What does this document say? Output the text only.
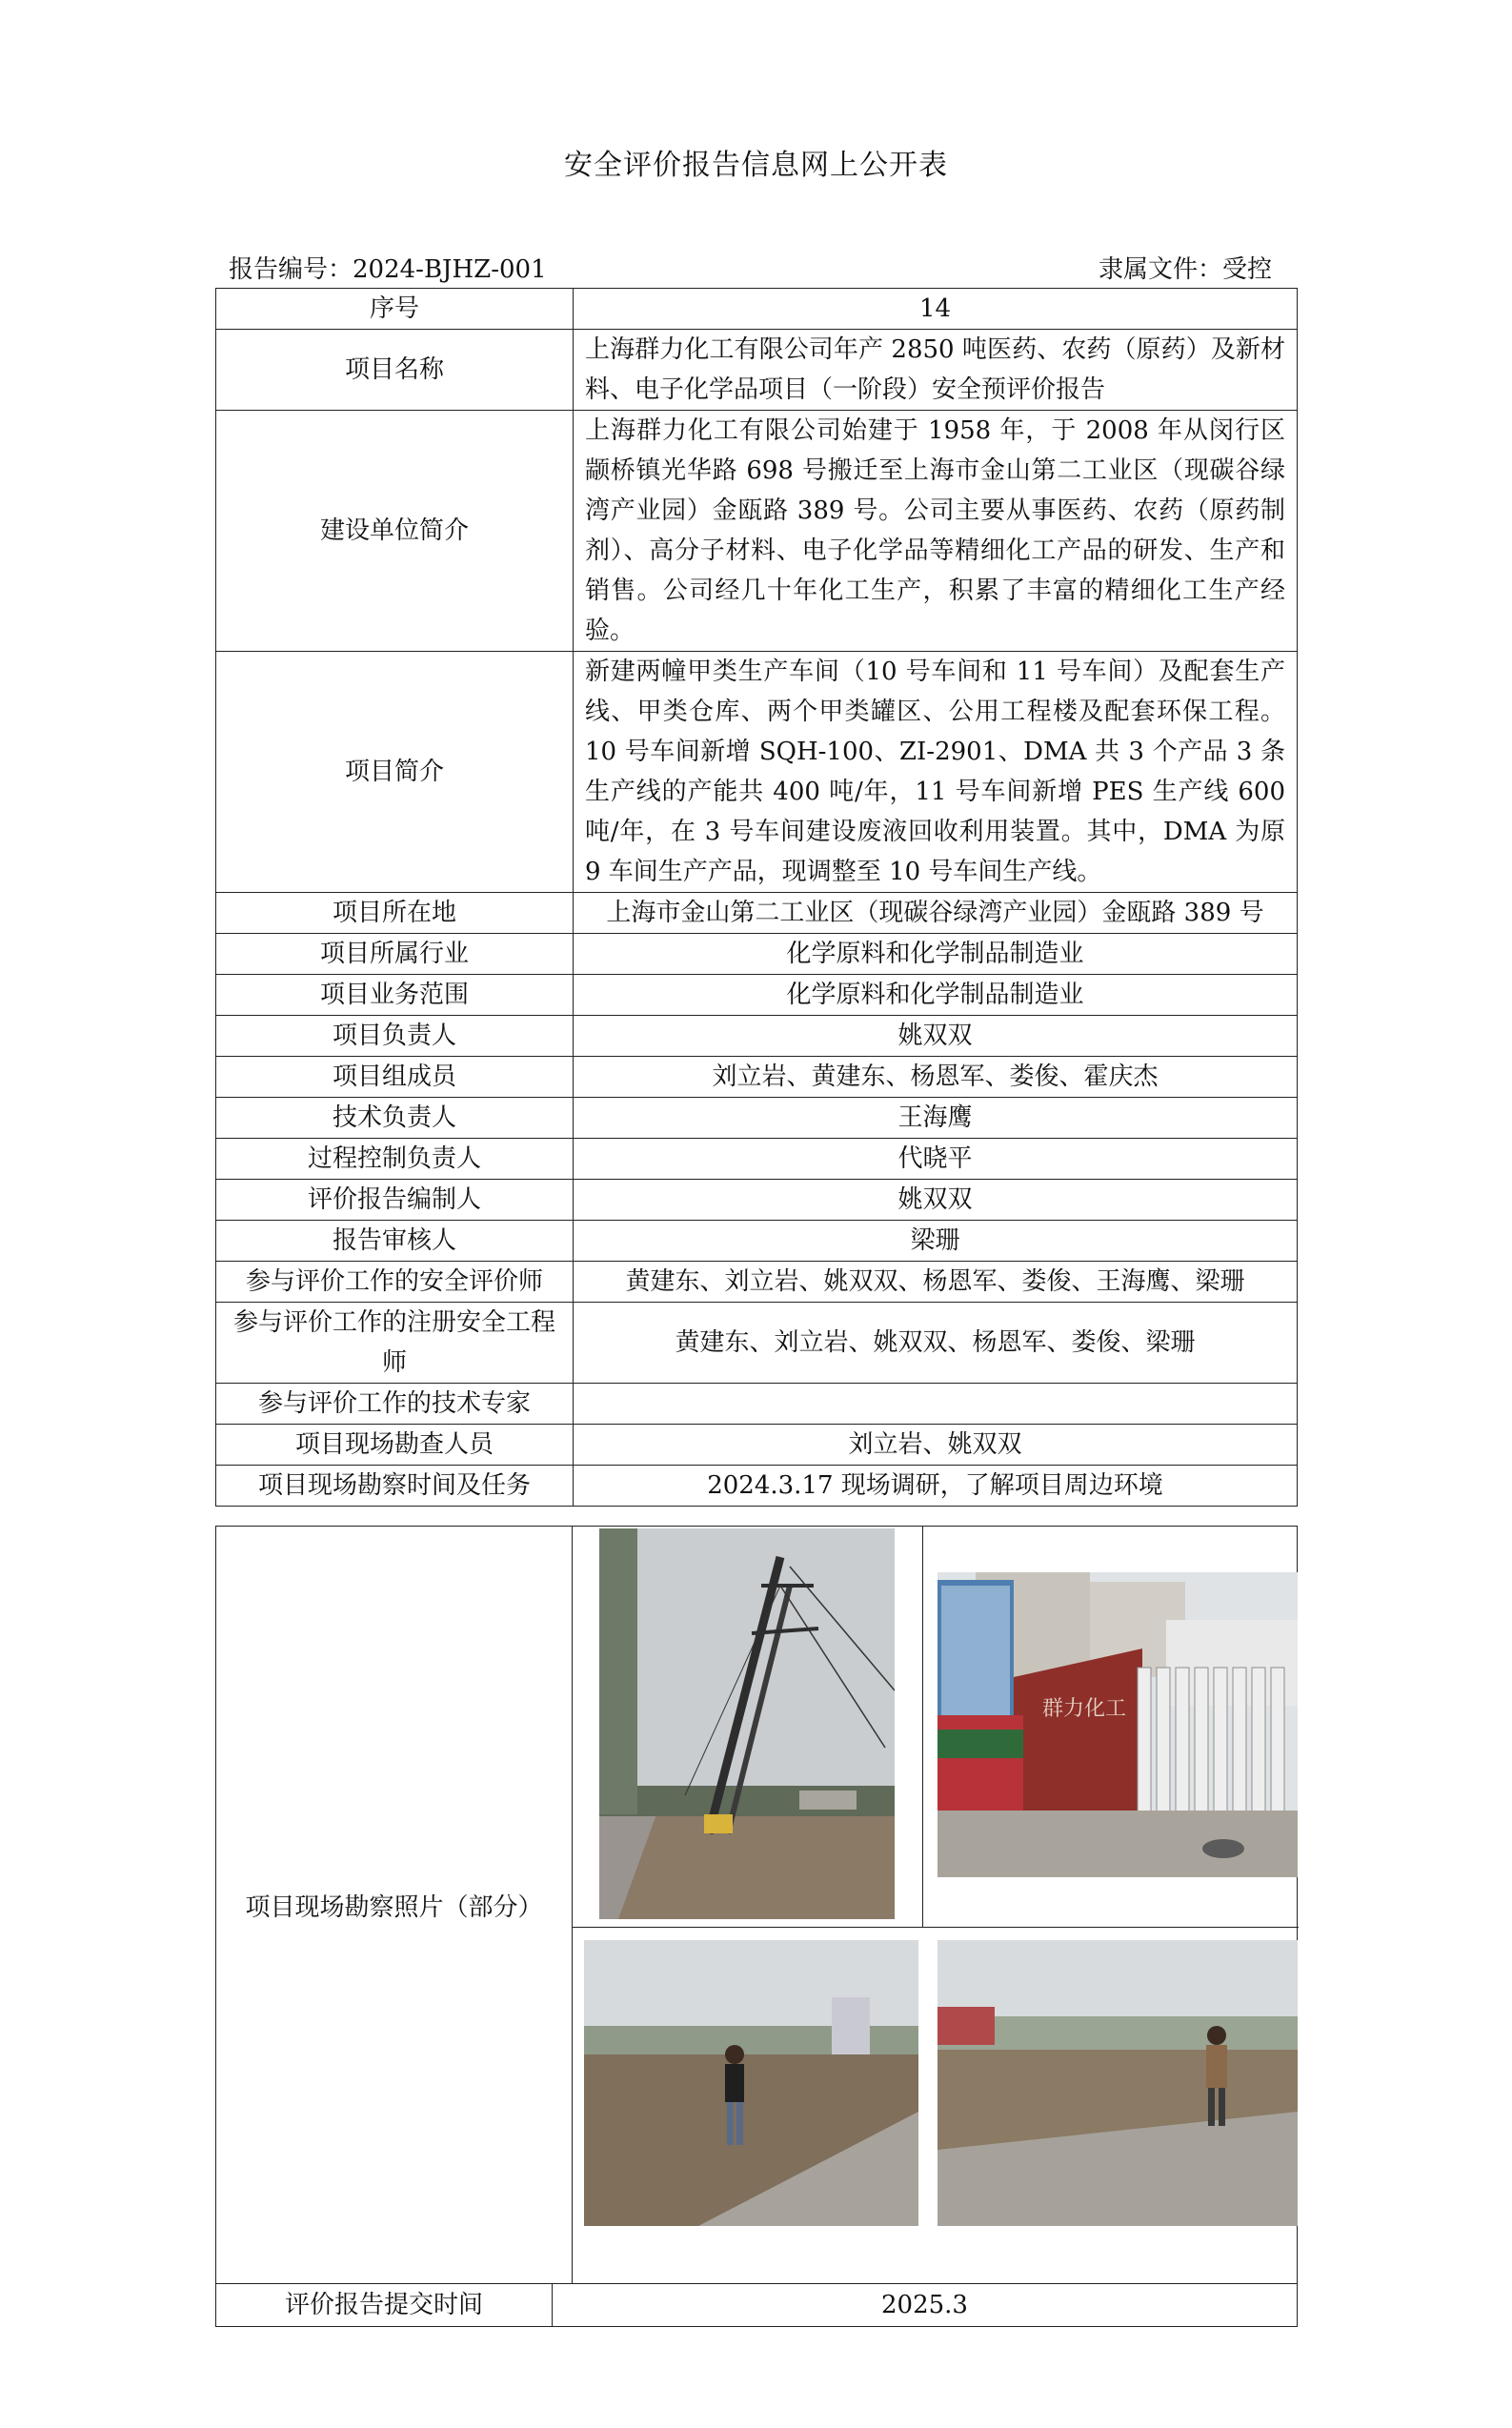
安全评价报告信息网上公开表
报告编号：2024-BJHZ-001	隶属文件：受控
序号	14
项目名称	上海群力化工有限公司年产 2850 吨医药、农药（原药）及新材料、电子化学品项目（一阶段）安全预评价报告
建设单位简介	上海群力化工有限公司始建于 1958 年，于 2008 年从闵行区颛桥镇光华路 698 号搬迁至上海市金山第二工业区（现碳谷绿湾产业园）金瓯路 389 号。公司主要从事医药、农药（原药制剂）、高分子材料、电子化学品等精细化工产品的研发、生产和销售。公司经几十年化工生产，积累了丰富的精细化工生产经验。
项目简介	新建两幢甲类生产车间（10 号车间和 11 号车间）及配套生产线、甲类仓库、两个甲类罐区、公用工程楼及配套环保工程。10 号车间新增 SQH-100、ZI-2901、DMA 共 3 个产品 3 条生产线的产能共 400 吨/年，11 号车间新增 PES 生产线 600 吨/年，在 3 号车间建设废液回收利用装置。其中，DMA 为原 9 车间生产产品，现调整至 10 号车间生产线。
项目所在地	上海市金山第二工业区（现碳谷绿湾产业园）金瓯路 389 号
项目所属行业	化学原料和化学制品制造业
项目业务范围	化学原料和化学制品制造业
项目负责人	姚双双
项目组成员	刘立岩、黄建东、杨恩军、娄俊、霍庆杰
技术负责人	王海鹰
过程控制负责人	代晓平
评价报告编制人	姚双双
报告审核人	梁珊
参与评价工作的安全评价师	黄建东、刘立岩、姚双双、杨恩军、娄俊、王海鹰、梁珊
参与评价工作的注册安全工程师	黄建东、刘立岩、姚双双、杨恩军、娄俊、梁珊
参与评价工作的技术专家	
项目现场勘查人员	刘立岩、姚双双
项目现场勘察时间及任务	2024.3.17 现场调研，了解项目周边环境
项目现场勘察照片（部分）
群力化工
评价报告提交时间	2025.3
